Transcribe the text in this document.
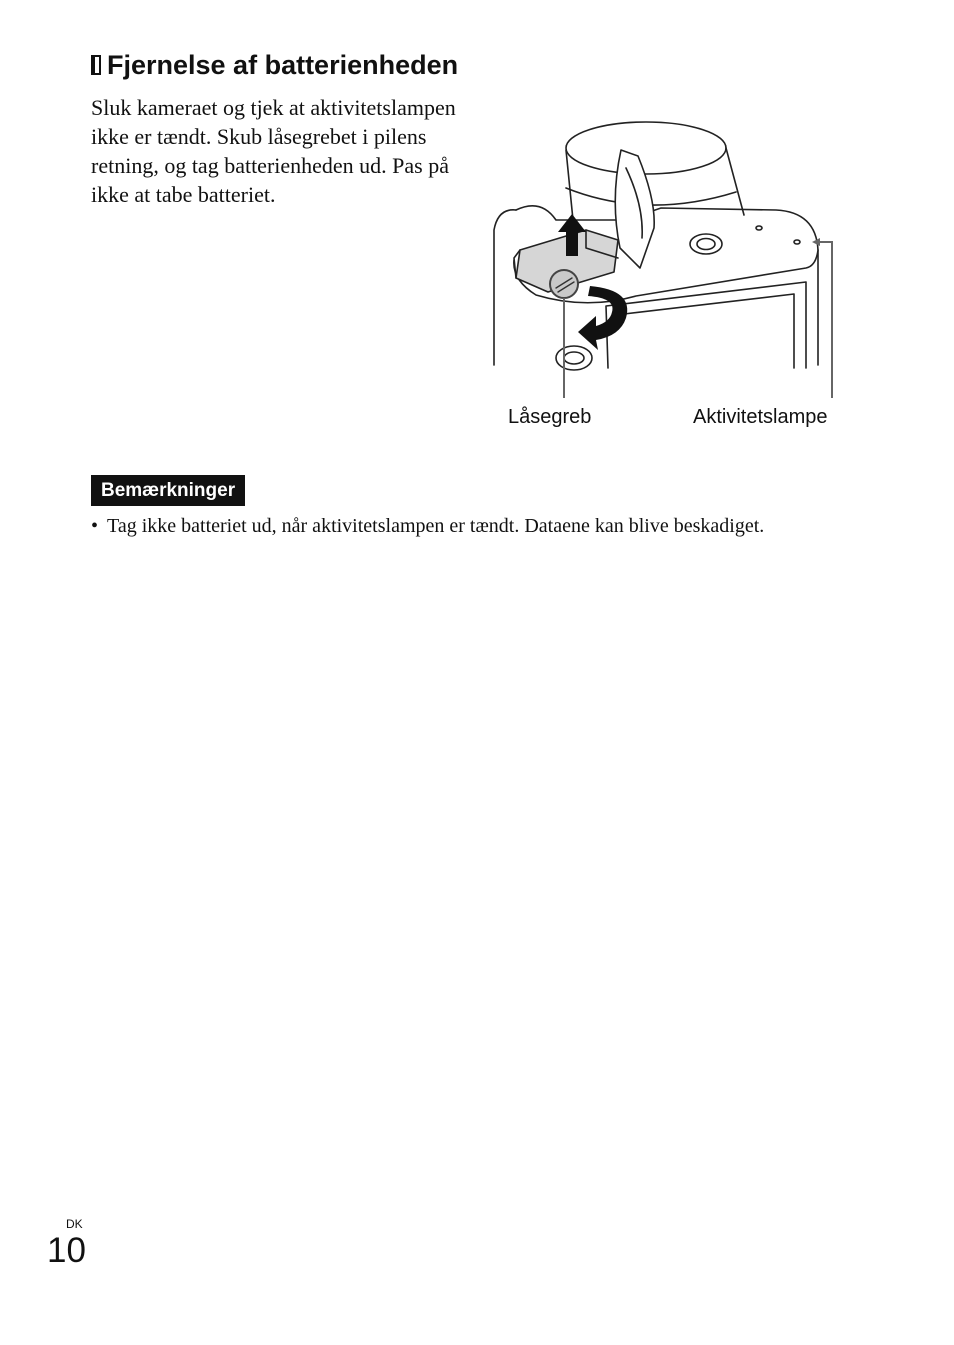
Fjernelse af batterienheden

Sluk kameraet og tjek at aktivitetslampen ikke er tændt. Skub låsegrebet i pilens retning, og tag batterienheden ud. Pas på ikke at tabe batteriet.

Låsegreb	Aktivitetslampe
Bemærkninger
• Tag ikke batteriet ud, når aktivitetslampen er tændt. Dataene kan blive beskadiget.
DK
10
